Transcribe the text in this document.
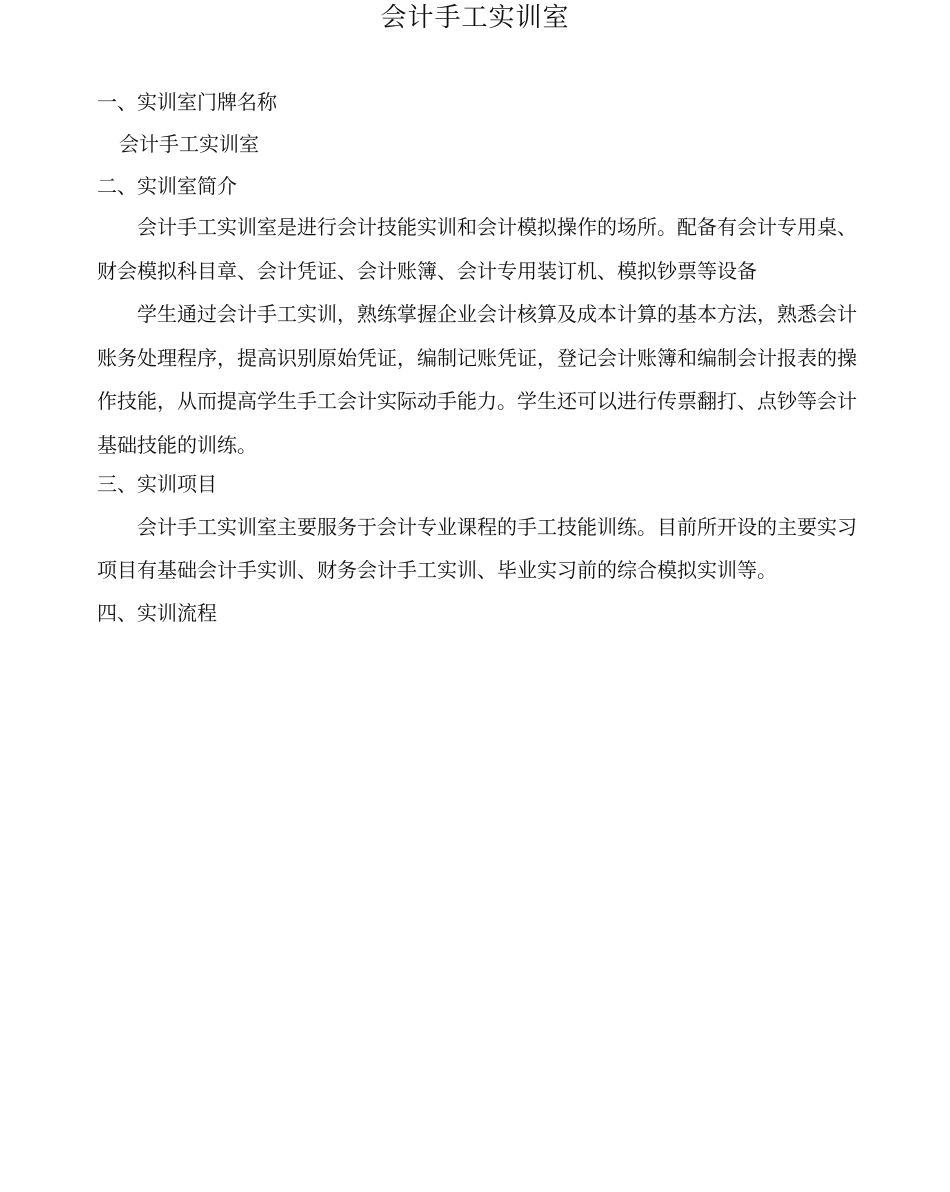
会计手工实训室
一、实训室门牌名称

会计手工实训室

二、实训室简介

会计手工实训室是进行会计技能实训和会计模拟操作的场所。配备有会计专用桌、财会模拟科目章、会计凭证、会计账簿、会计专用装订机、模拟钞票等设备

学生通过会计手工实训，熟练掌握企业会计核算及成本计算的基本方法，熟悉会计账务处理程序，提高识别原始凭证，编制记账凭证，登记会计账簿和编制会计报表的操作技能，从而提高学生手工会计实际动手能力。学生还可以进行传票翻打、点钞等会计基础技能的训练。

三、实训项目

会计手工实训室主要服务于会计专业课程的手工技能训练。目前所开设的主要实习项目有基础会计手实训、财务会计手工实训、毕业实习前的综合模拟实训等。

四、实训流程
